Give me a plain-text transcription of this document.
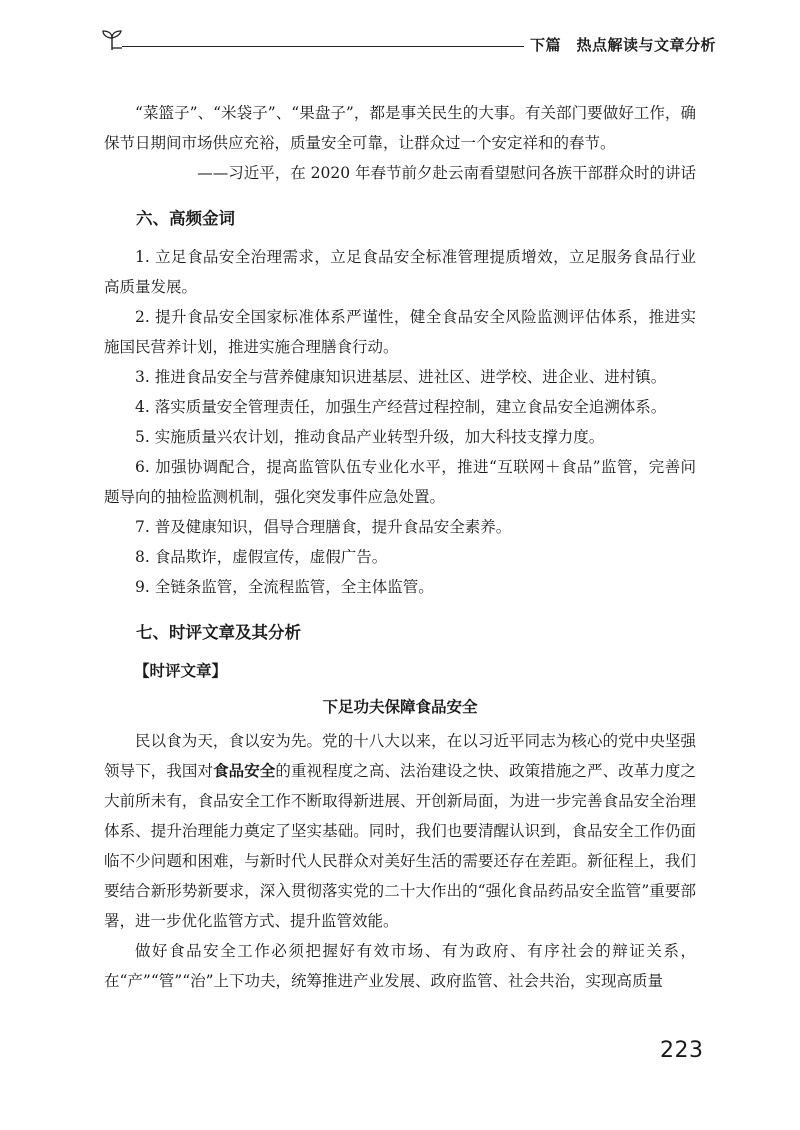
下篇　热点解读与文章分析

“菜篮子”、“米袋子”、“果盘子”，都是事关民生的大事。有关部门要做好工作，确保节日期间市场供应充裕，质量安全可靠，让群众过一个安定祥和的春节。

——习近平，在 2020 年春节前夕赴云南看望慰问各族干部群众时的讲话

六、高频金词

1. 立足食品安全治理需求，立足食品安全标准管理提质增效，立足服务食品行业高质量发展。

2. 提升食品安全国家标准体系严谨性，健全食品安全风险监测评估体系，推进实施国民营养计划，推进实施合理膳食行动。

3. 推进食品安全与营养健康知识进基层、进社区、进学校、进企业、进村镇。

4. 落实质量安全管理责任，加强生产经营过程控制，建立食品安全追溯体系。

5. 实施质量兴农计划，推动食品产业转型升级，加大科技支撑力度。

6. 加强协调配合，提高监管队伍专业化水平，推进“互联网＋食品”监管，完善问题导向的抽检监测机制，强化突发事件应急处置。

7. 普及健康知识，倡导合理膳食，提升食品安全素养。

8. 食品欺诈，虚假宣传，虚假广告。

9. 全链条监管，全流程监管，全主体监管。

七、时评文章及其分析
【时评文章】
下足功夫保障食品安全

民以食为天，食以安为先。党的十八大以来，在以习近平同志为核心的党中央坚强领导下，我国对食品安全的重视程度之高、法治建设之快、政策措施之严、改革力度之大前所未有，食品安全工作不断取得新进展、开创新局面，为进一步完善食品安全治理体系、提升治理能力奠定了坚实基础。同时，我们也要清醒认识到，食品安全工作仍面临不少问题和困难，与新时代人民群众对美好生活的需要还存在差距。新征程上，我们要结合新形势新要求，深入贯彻落实党的二十大作出的“强化食品药品安全监管”重要部署，进一步优化监管方式、提升监管效能。

做好食品安全工作必须把握好有效市场、有为政府、有序社会的辩证关系，在“产”“管”“治”上下功夫，统筹推进产业发展、政府监管、社会共治，实现高质量

223
